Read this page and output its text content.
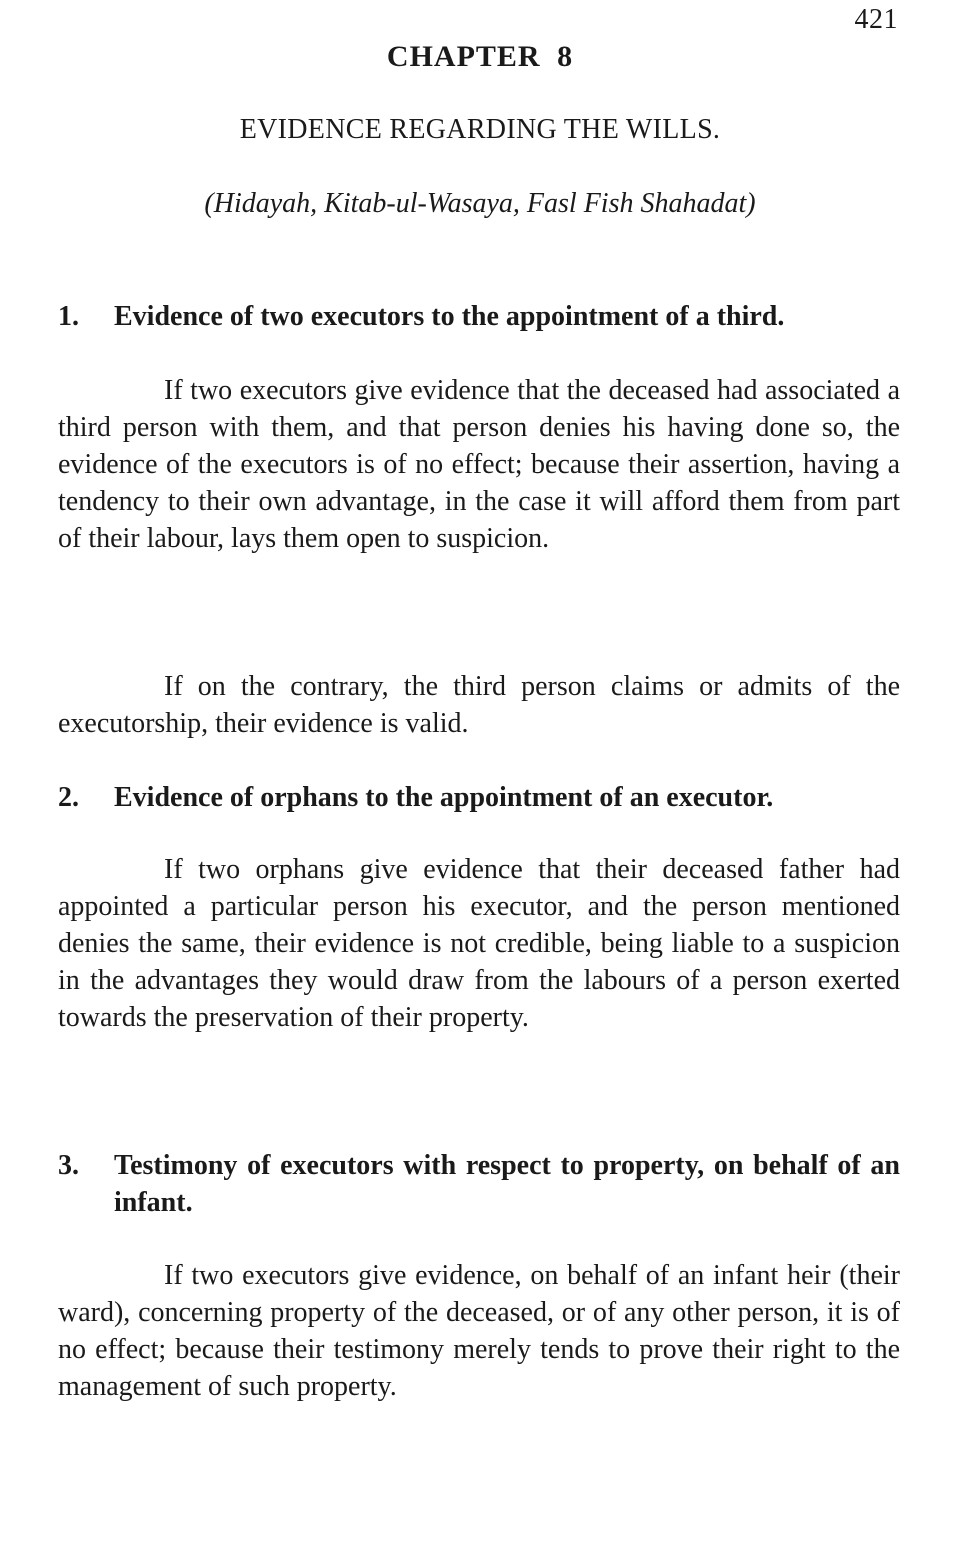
421
CHAPTER 8
EVIDENCE REGARDING THE WILLS.
(Hidayah, Kitab-ul-Wasaya, Fasl Fish Shahadat)
1.	Evidence of two executors to the appointment of a third.

If two executors give evidence that the deceased had associated a third person with them, and that person denies his having done so, the evidence of the executors is of no effect; because their assertion, having a tendency to their own advantage, in the case it will afford them from part of their labour, lays them open to suspicion.

If on the contrary, the third person claims or admits of the executorship, their evidence is valid.

2.	Evidence of orphans to the appointment of an executor.

If two orphans give evidence that their deceased father had appointed a particular person his executor, and the person mentioned denies the same, their evidence is not credible, being liable to a suspicion in the advantages they would draw from the labours of a person exerted towards the preservation of their property.

3.	Testimony of executors with respect to property, on behalf of an infant.

If two executors give evidence, on behalf of an infant heir (their ward), concerning property of the deceased, or of any other person, it is of no effect; because their testimony merely tends to prove their right to the management of such property.
